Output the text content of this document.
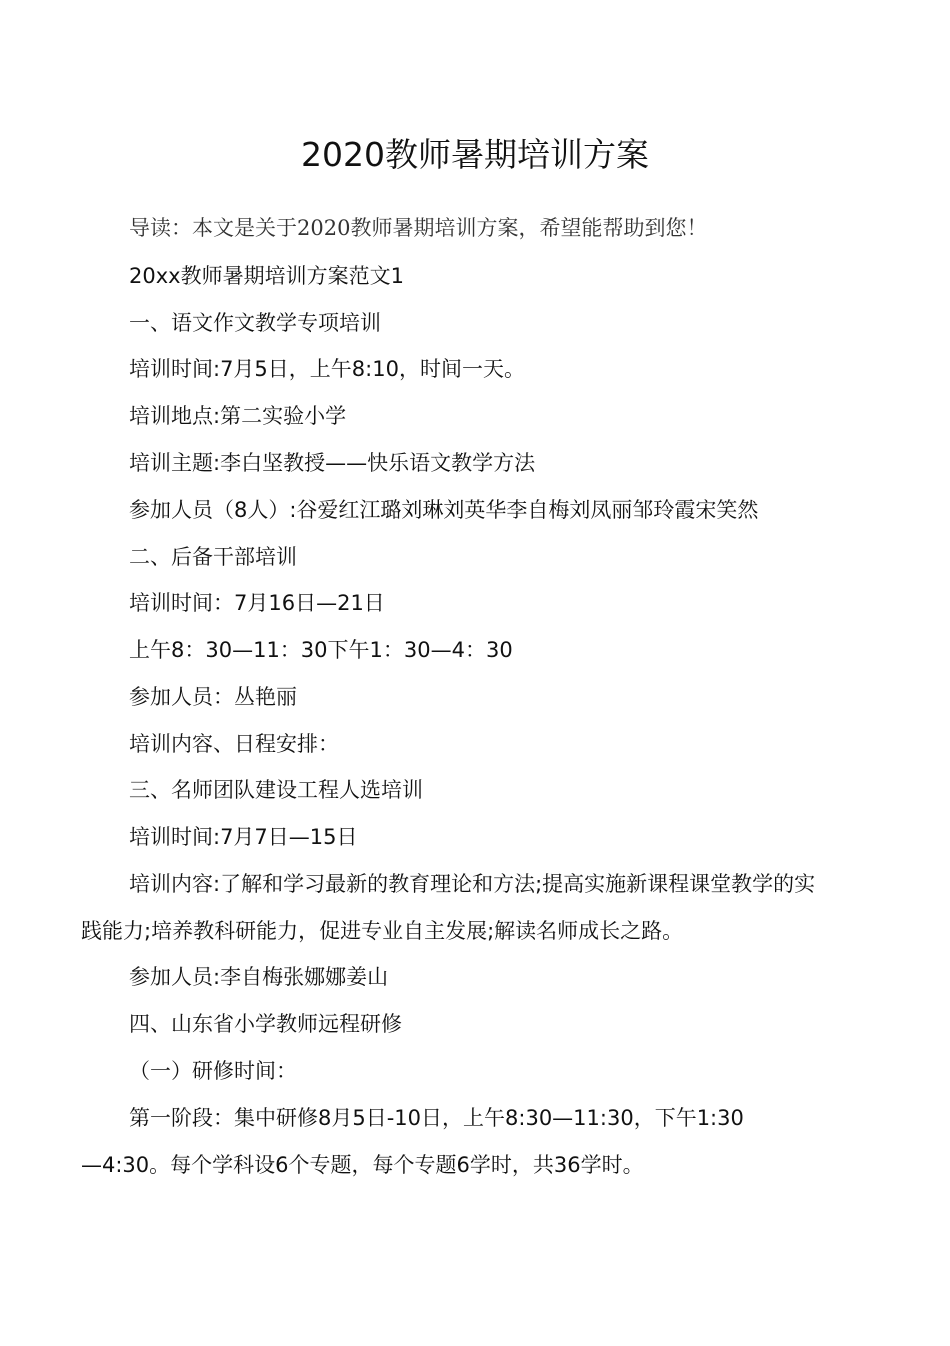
2020教师暑期培训方案
导读：本文是关于2020教师暑期培训方案，希望能帮助到您！
20xx教师暑期培训方案范文1
一、语文作文教学专项培训
培训时间:7月5日，上午8:10，时间一天。
培训地点:第二实验小学
培训主题:李白坚教授——快乐语文教学方法
参加人员（8人）:谷爱红江璐刘琳刘英华李自梅刘凤丽邹玲霞宋笑然
二、后备干部培训
培训时间：7月16日—21日
上午8：30—11：30下午1：30—4：30
参加人员：丛艳丽
培训内容、日程安排：
三、名师团队建设工程人选培训
培训时间:7月7日—15日
培训内容:了解和学习最新的教育理论和方法;提高实施新课程课堂教学的实
践能力;培养教科研能力，促进专业自主发展;解读名师成长之路。
参加人员:李自梅张娜娜姜山
四、山东省小学教师远程研修
（一）研修时间：
第一阶段：集中研修8月5日-10日，上午8:30—11:30，下午1:30
—4:30。每个学科设6个专题，每个专题6学时，共36学时。
